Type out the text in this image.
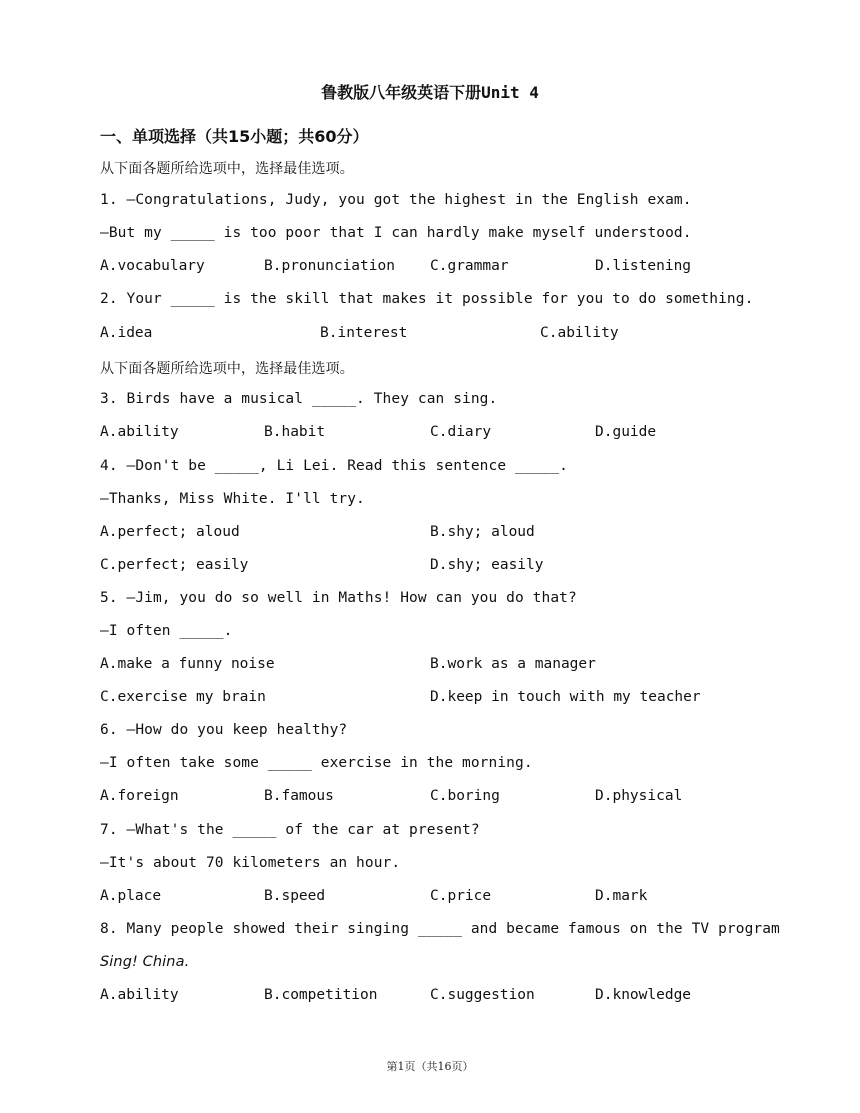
鲁教版八年级英语下册Unit 4
一、单项选择（共15小题；共60分）
从下面各题所给选项中，选择最佳选项。
1. —Congratulations, Judy, you got the highest in the English exam.
—But my _____ is too poor that I can hardly make myself understood.
A.vocabulary	B.pronunciation C.grammar	D.listening
2. Your _____ is the skill that makes it possible for you to do something.
A.idea	B.interest	C.ability
从下面各题所给选项中，选择最佳选项。
3. Birds have a musical _____. They can sing.
A.ability	B.habit	C.diary	D.guide
4. —Don't be _____, Li Lei. Read this sentence _____.
—Thanks, Miss White. I'll try.
A.perfect; aloud	B.shy; aloud
C.perfect; easily	D.shy; easily
5. —Jim, you do so well in Maths! How can you do that?
—I often _____.
A.make a funny noise	B.work as a manager
C.exercise my brain	D.keep in touch with my teacher
6. —How do you keep healthy?
—I often take some _____ exercise in the morning.
A.foreign	B.famous	C.boring	D.physical
7. —What's the _____ of the car at present?
—It's about 70 kilometers an hour.
A.place	B.speed	C.price	D.mark
8. Many people showed their singing _____ and became famous on the TV program
Sing! China.
A.ability	B.competition	C.suggestion	D.knowledge
第1页（共16页）
